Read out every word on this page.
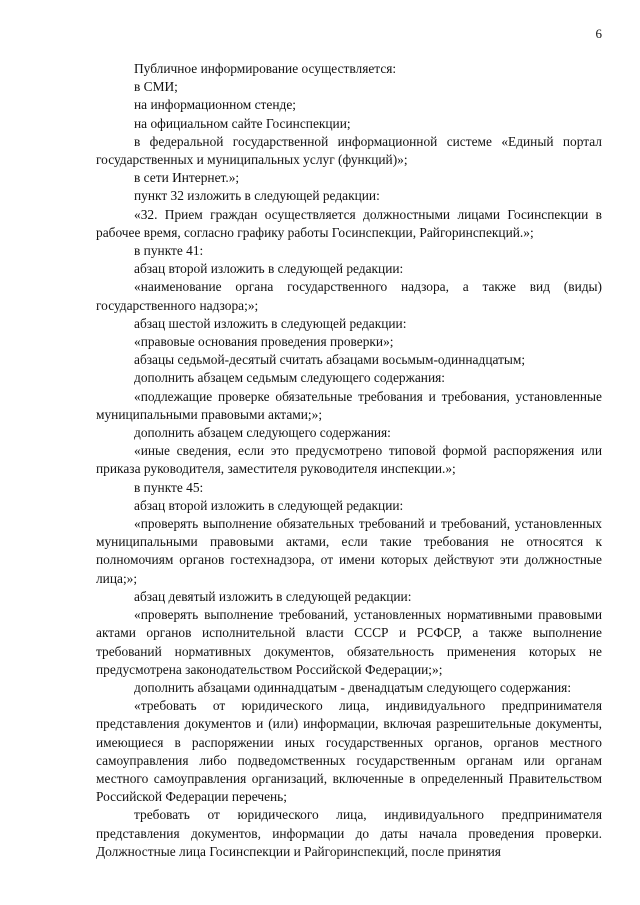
6

Публичное информирование осуществляется:

в СМИ;

на информационном стенде;

на официальном сайте Госинспекции;

в федеральной государственной информационной системе «Единый портал государственных и муниципальных услуг (функций)»;

в сети Интернет.»;

пункт 32 изложить в следующей редакции:

«32. Прием граждан осуществляется должностными лицами Госинспекции в рабочее время, согласно графику работы Госинспекции, Райгоринспекций.»;

в пункте 41:

абзац второй изложить в следующей редакции:

«наименование органа государственного надзора, а также вид (виды) государственного надзора;»;

абзац шестой изложить в следующей редакции:

«правовые основания проведения проверки»;

абзацы седьмой-десятый считать абзацами восьмым-одиннадцатым;

дополнить абзацем седьмым следующего содержания:

«подлежащие проверке обязательные требования и требования, установленные муниципальными правовыми актами;»;

дополнить абзацем следующего содержания:

«иные сведения, если это предусмотрено типовой формой распоряжения или приказа руководителя, заместителя руководителя инспекции.»;

в пункте 45:

абзац второй изложить в следующей редакции:

«проверять выполнение обязательных требований и требований, установленных муниципальными правовыми актами, если такие требования не относятся к полномочиям органов гостехнадзора, от имени которых действуют эти должностные лица;»;

абзац девятый изложить в следующей редакции:

«проверять выполнение требований, установленных нормативными правовыми актами органов исполнительной власти СССР и РСФСР, а также выполнение требований нормативных документов, обязательность применения которых не предусмотрена законодательством Российской Федерации;»;

дополнить абзацами одиннадцатым - двенадцатым следующего содержания:

«требовать от юридического лица, индивидуального предпринимателя представления документов и (или) информации, включая разрешительные документы, имеющиеся в распоряжении иных государственных органов, органов местного самоуправления либо подведомственных государственным органам или органам местного самоуправления организаций, включенные в определенный Правительством Российской Федерации перечень;

требовать от юридического лица, индивидуального предпринимателя представления документов, информации до даты начала проведения проверки. Должностные лица Госинспекции и Райгоринспекций, после принятия
